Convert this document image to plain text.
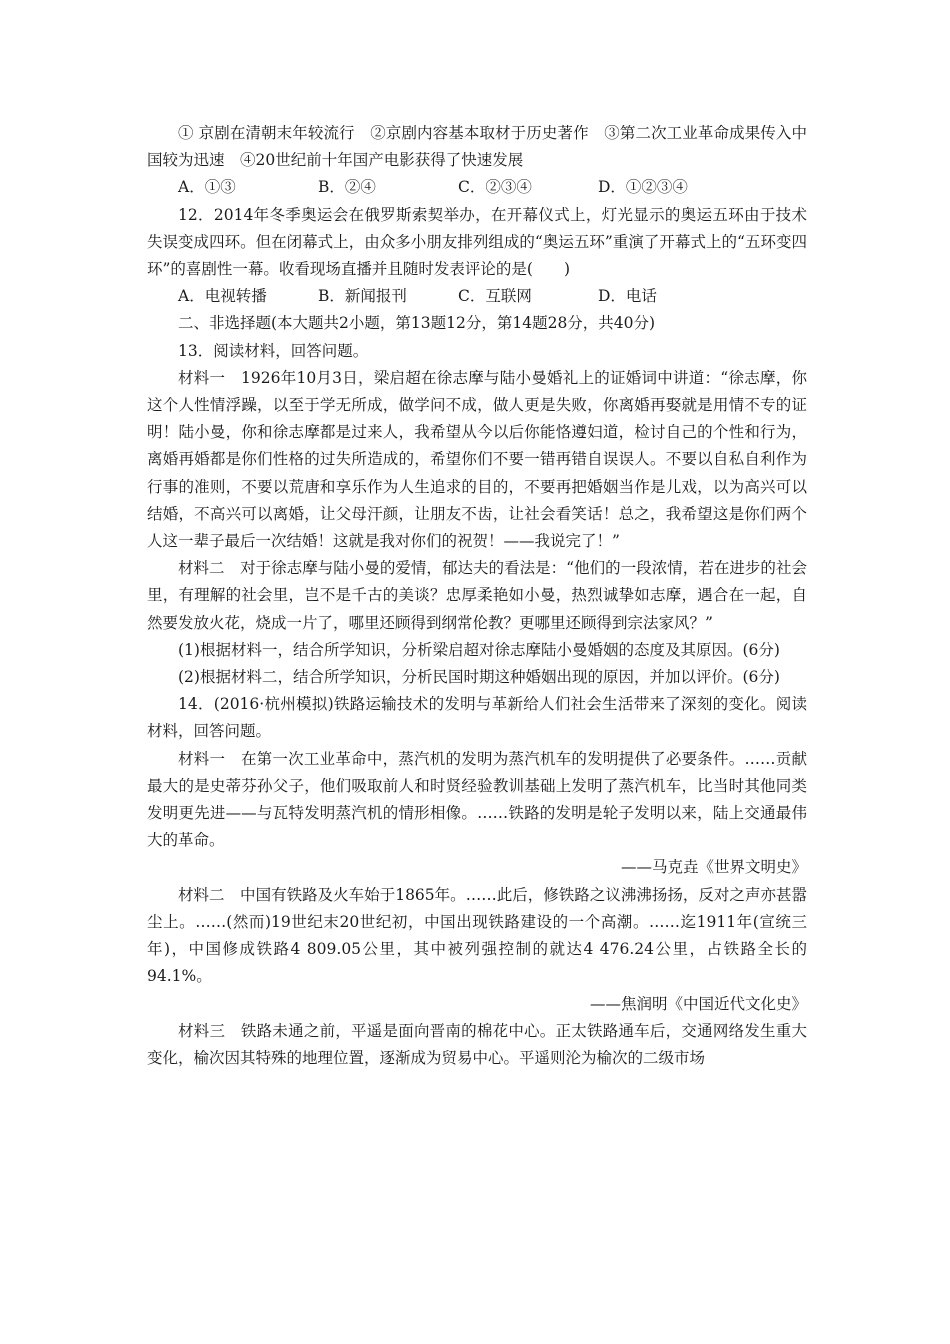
① 京剧在清朝末年较流行　②京剧内容基本取材于历史著作　③第二次工业革命成果传入中国较为迅速　④20世纪前十年国产电影获得了快速发展

A．①③	B．②④	C．②③④	D．①②③④

12．2014年冬季奥运会在俄罗斯索契举办，在开幕仪式上，灯光显示的奥运五环由于技术失误变成四环。但在闭幕式上，由众多小朋友排列组成的“奥运五环”重演了开幕式上的“五环变四环”的喜剧性一幕。收看现场直播并且随时发表评论的是(　　)

A．电视转播	B．新闻报刊	C．互联网	D．电话

二、非选择题(本大题共2小题，第13题12分，第14题28分，共40分)

13．阅读材料，回答问题。

材料一　1926年10月3日，梁启超在徐志摩与陆小曼婚礼上的证婚词中讲道：“徐志摩，你这个人性情浮躁，以至于学无所成，做学问不成，做人更是失败，你离婚再娶就是用情不专的证明！陆小曼，你和徐志摩都是过来人，我希望从今以后你能恪遵妇道，检讨自己的个性和行为，离婚再婚都是你们性格的过失所造成的，希望你们不要一错再错自误误人。不要以自私自利作为行事的准则，不要以荒唐和享乐作为人生追求的目的，不要再把婚姻当作是儿戏，以为高兴可以结婚，不高兴可以离婚，让父母汗颜，让朋友不齿，让社会看笑话！总之，我希望这是你们两个人这一辈子最后一次结婚！这就是我对你们的祝贺！——我说完了！”

材料二　对于徐志摩与陆小曼的爱情，郁达夫的看法是：“他们的一段浓情，若在进步的社会里，有理解的社会里，岂不是千古的美谈？忠厚柔艳如小曼，热烈诚挚如志摩，遇合在一起，自然要发放火花，烧成一片了，哪里还顾得到纲常伦教？更哪里还顾得到宗法家风？”

(1)根据材料一，结合所学知识，分析梁启超对徐志摩陆小曼婚姻的态度及其原因。(6分)

(2)根据材料二，结合所学知识，分析民国时期这种婚姻出现的原因，并加以评价。(6分)

14．(2016·杭州模拟)铁路运输技术的发明与革新给人们社会生活带来了深刻的变化。阅读材料，回答问题。

材料一　在第一次工业革命中，蒸汽机的发明为蒸汽机车的发明提供了必要条件。……贡献最大的是史蒂芬孙父子，他们吸取前人和时贤经验教训基础上发明了蒸汽机车，比当时其他同类发明更先进——与瓦特发明蒸汽机的情形相像。……铁路的发明是轮子发明以来，陆上交通最伟大的革命。

——马克垚《世界文明史》

材料二　中国有铁路及火车始于1865年。……此后，修铁路之议沸沸扬扬，反对之声亦甚嚣尘上。……(然而)19世纪末20世纪初，中国出现铁路建设的一个高潮。……迄1911年(宣统三年)，中国修成铁路4 809.05公里，其中被列强控制的就达4 476.24公里，占铁路全长的94.1%。

——焦润明《中国近代文化史》

材料三　铁路未通之前，平遥是面向晋南的棉花中心。正太铁路通车后，交通网络发生重大变化，榆次因其特殊的地理位置，逐渐成为贸易中心。平遥则沦为榆次的二级市场
